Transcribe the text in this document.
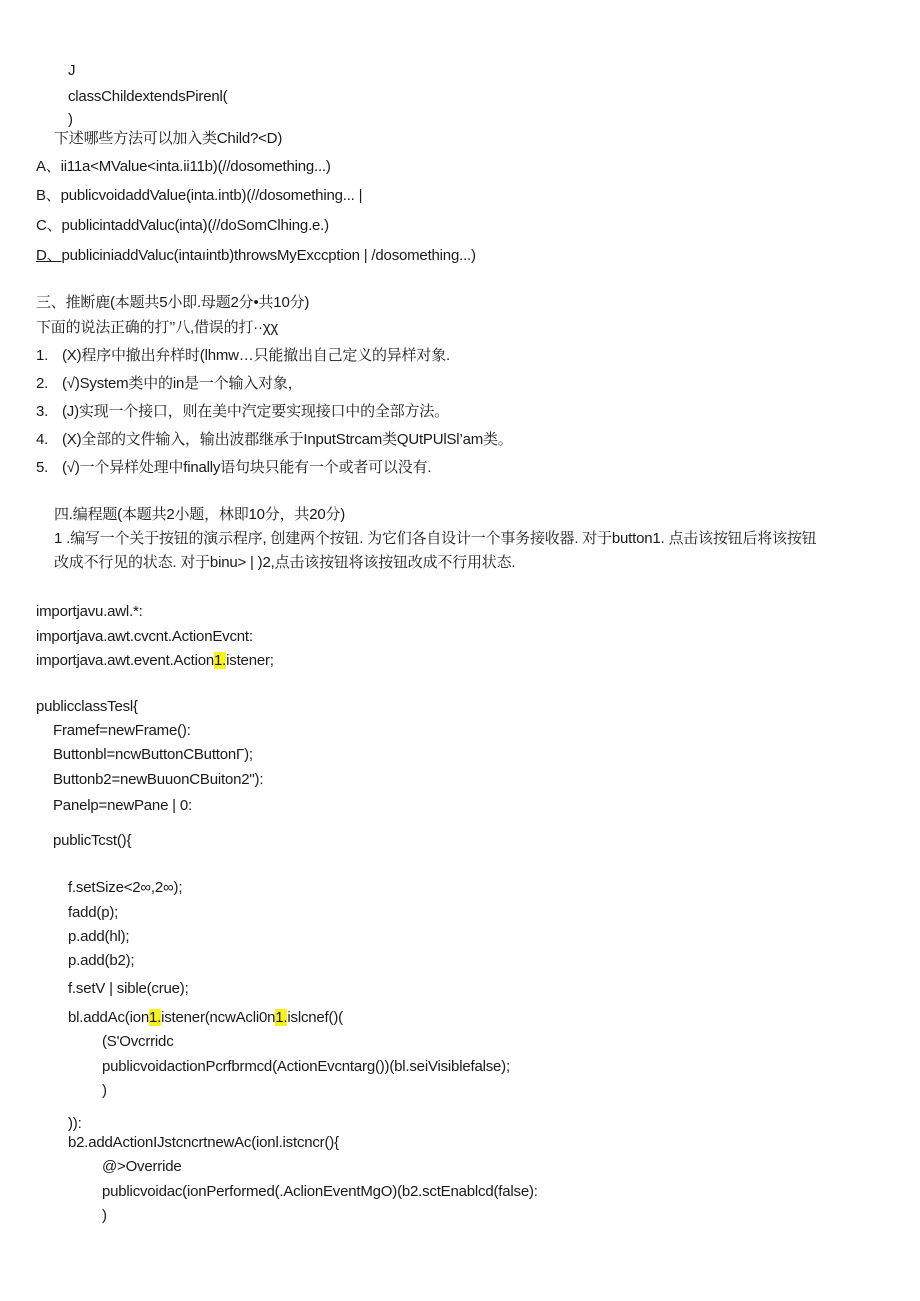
J
classChildextendsPirenl(
)
下述哪些方法可以加入类Child?<D)
A、ii11a<MValue<inta.ii11b)(//dosomething...)
B、publicvoidaddValue(inta.intb)(//dosomething... |
C、publicintaddValuc(inta)(//doSomClhing.e.)
D、publiciniaddValuc(intaıintb)throwsMyExccption | /dosomething...)
三、推断鹿(本题共5小即.母题2分•共10分)
下面的说法正确的打’’八,借误的打··χχ
1. (X)程序中撤出弁样时(lhmw…只能撤出自己定义的异样对象.
2. (√)System类中的in是一个输入对象，
3. (J)实现一个接口，则在美中汽定要实现接口中的全部方法。
4. (X)全部的文件输入，输出波郡继承于InputStrcam类QUtPUlSl’am类。
5. (√)一个异样处理中finally语句块只能有一个或者可以没有.
四.编程题(本题共2小题，林即10分，共20分)
1 .编写一个关于按钮的演示程序, 创建两个按钮. 为它们各自设计一个事务接收器. 对于button1. 点击该按钮后将该按钮
改成不行见的状态. 对于binu> | )2,点击该按钮将该按钮改成不行用状态.
importjavu.awl.*:
importjava.awt.cvcnt.ActionEvcnt:
importjava.awt.event.Action1.istener;
publicclassTesl{
Framef=newFrame():
Buttonbl=ncwButtonCButtonΓ);
Buttonb2=newBuuonCBuiton2"):
Panelp=newPane | 0:
publicTcst(){
f.setSize<2∞,2∞);
fadd(p);
p.add(hl);
p.add(b2);
f.setV | sible(crue);
bl.addAc(ion1.istener(ncwAcli0n1.islcnef()(
(S'Ovcrridc
publicvoidactionPcrfbrmcd(ActionEvcntarg())(bl.seiVisiblefalse);
)
)):
b2.addActionIJstcncrtnewAc(ionl.istcncr(){
@>Override
publicvoidac(ionPerformed(.AclionEventMgO)(b2.sctEnablcd(false):
)
